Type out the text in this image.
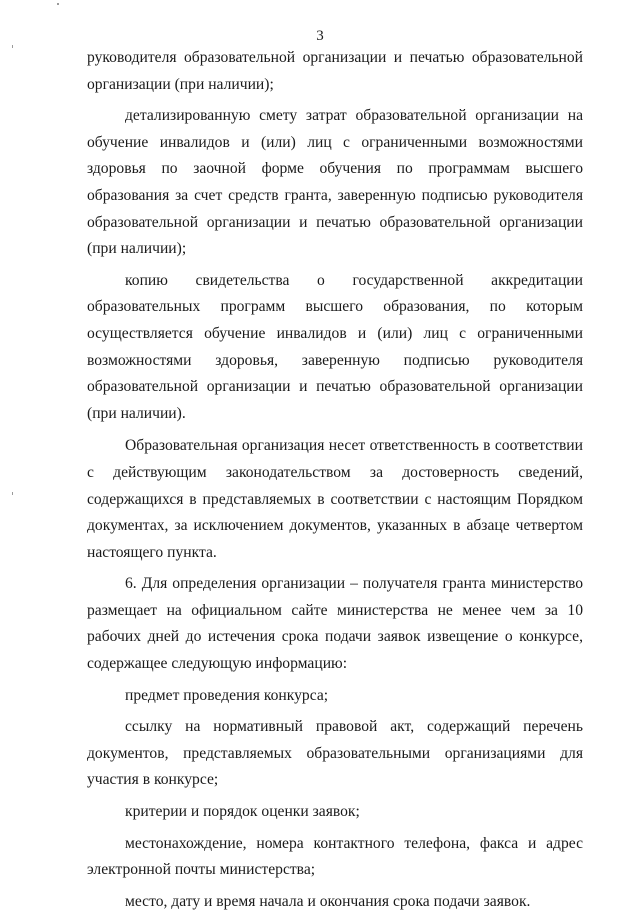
3

руководителя образовательной организации и печатью образовательной организации (при наличии);

детализированную смету затрат образовательной организации на обучение инвалидов и (или) лиц с ограниченными возможностями здоровья по заочной форме обучения по программам высшего образования за счет средств гранта, заверенную подписью руководителя образовательной организации и печатью образовательной организации (при наличии);

копию свидетельства о государственной аккредитации образовательных программ высшего образования, по которым осуществляется обучение инвалидов и (или) лиц с ограниченными возможностями здоровья, заверенную подписью руководителя образовательной организации и печатью образовательной организации (при наличии).

Образовательная организация несет ответственность в соответствии с действующим законодательством за достоверность сведений, содержащихся в представляемых в соответствии с настоящим Порядком документах, за исключением документов, указанных в абзаце четвертом настоящего пункта.

6. Для определения организации – получателя гранта министерство размещает на официальном сайте министерства не менее чем за 10 рабочих дней до истечения срока подачи заявок извещение о конкурсе, содержащее следующую информацию:

предмет проведения конкурса;

ссылку на нормативный правовой акт, содержащий перечень документов, представляемых образовательными организациями для участия в конкурсе;

критерии и порядок оценки заявок;

местонахождение, номера контактного телефона, факса и адрес электронной почты министерства;

место, дату и время начала и окончания срока подачи заявок.
